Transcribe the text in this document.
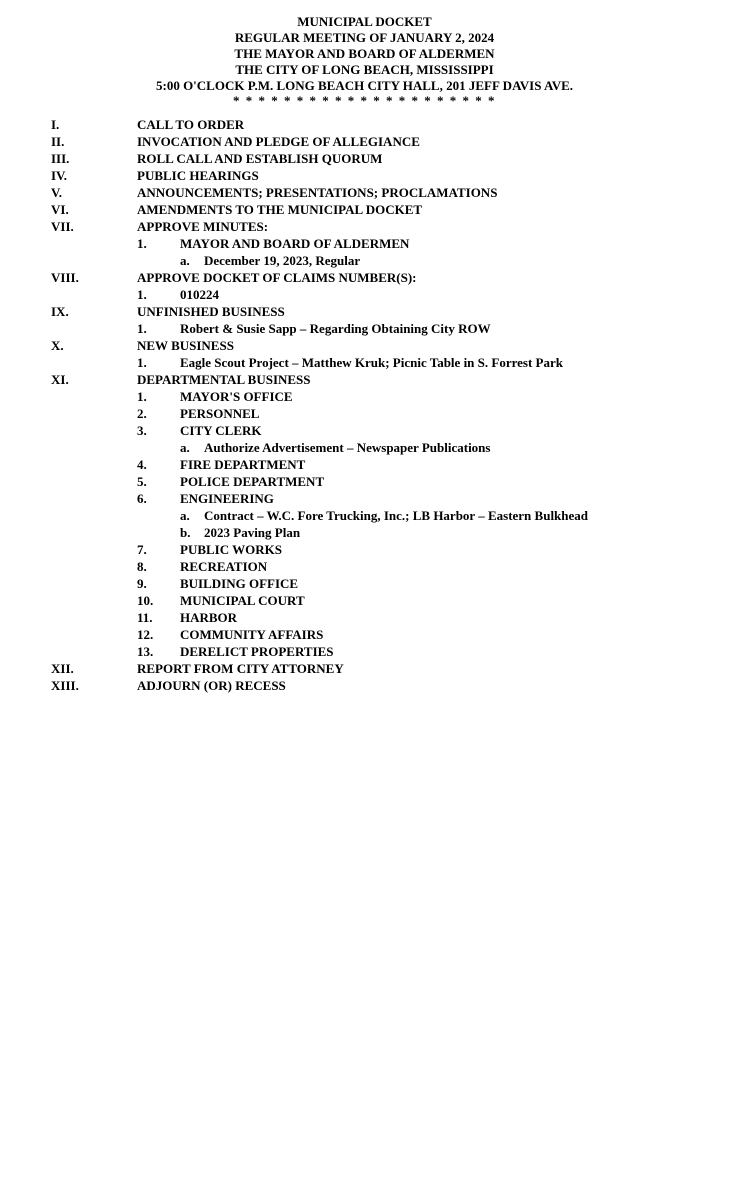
MUNICIPAL DOCKET
REGULAR MEETING OF JANUARY 2, 2024
THE MAYOR AND BOARD OF ALDERMEN
THE CITY OF LONG BEACH, MISSISSIPPI
5:00 O'CLOCK P.M. LONG BEACH CITY HALL, 201 JEFF DAVIS AVE.
* * * * * * * * * * * * * * * * * * * * *
I.	CALL TO ORDER
II.	INVOCATION AND PLEDGE OF ALLEGIANCE
III.	ROLL CALL AND ESTABLISH QUORUM
IV.	PUBLIC HEARINGS
V.	ANNOUNCEMENTS; PRESENTATIONS; PROCLAMATIONS
VI.	AMENDMENTS TO THE MUNICIPAL DOCKET
VII.	APPROVE MINUTES:
1.	MAYOR AND BOARD OF ALDERMEN
a. December 19, 2023, Regular
VIII.	APPROVE DOCKET OF CLAIMS NUMBER(S):
1.	010224
IX.	UNFINISHED BUSINESS
1.	Robert & Susie Sapp – Regarding Obtaining City ROW
X.	NEW BUSINESS
1.	Eagle Scout Project – Matthew Kruk; Picnic Table in S. Forrest Park
XI.	DEPARTMENTAL BUSINESS
1.	MAYOR'S OFFICE
2.	PERSONNEL
3.	CITY CLERK
a. Authorize Advertisement – Newspaper Publications
4.	FIRE DEPARTMENT
5.	POLICE DEPARTMENT
6.	ENGINEERING
a. Contract – W.C. Fore Trucking, Inc.; LB Harbor – Eastern Bulkhead
b. 2023 Paving Plan
7.	PUBLIC WORKS
8.	RECREATION
9.	BUILDING OFFICE
10. MUNICIPAL COURT
11. HARBOR
12. COMMUNITY AFFAIRS
13. DERELICT PROPERTIES
XII.	REPORT FROM CITY ATTORNEY
XIII.	ADJOURN (OR) RECESS
